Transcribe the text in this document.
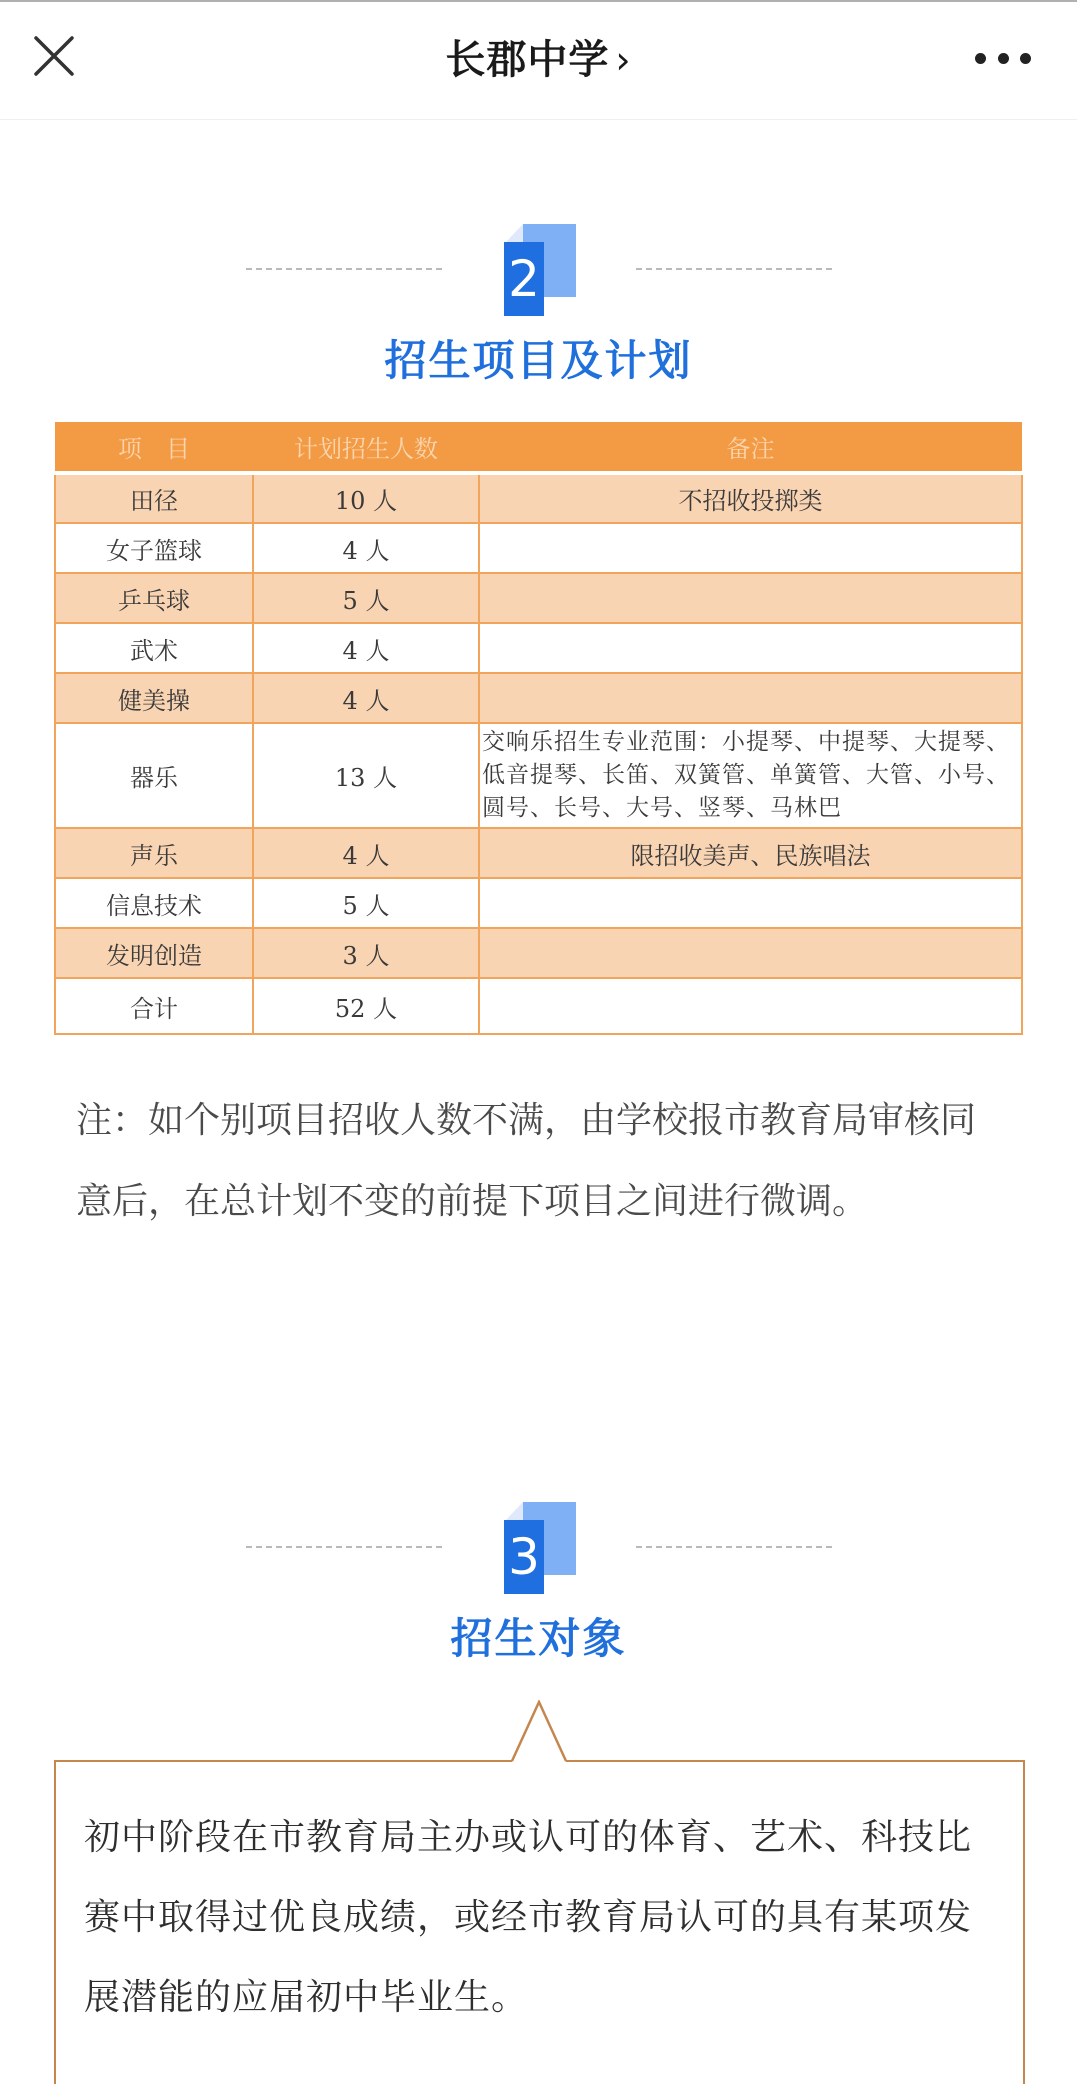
长郡中学 ›
2
招生项目及计划
项　目	计划招生人数	备注
田径	10 人	不招收投掷类
女子篮球	4 人	
乒乓球	5 人	
武术	4 人	
健美操	4 人	
器乐	13 人	交响乐招生专业范围：小提琴、中提琴、大提琴、低音提琴、长笛、双簧管、单簧管、大管、小号、圆号、长号、大号、竖琴、马林巴
声乐	4 人	限招收美声、民族唱法
信息技术	5 人	
发明创造	3 人	
合计	52 人	

注：如个别项目招收人数不满，由学校报市教育局审核同意后，在总计划不变的前提下项目之间进行微调。

3
招生对象

初中阶段在市教育局主办或认可的体育、艺术、科技比赛中取得过优良成绩，或经市教育局认可的具有某项发展潜能的应届初中毕业生。
